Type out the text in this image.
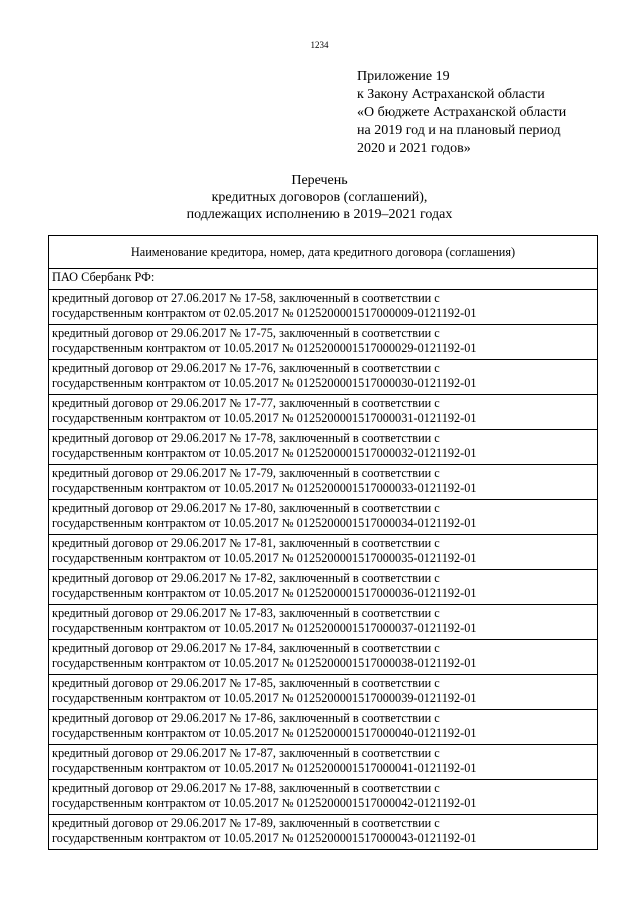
1234
Приложение 19
к Закону Астраханской области
«О бюджете Астраханской области
на 2019 год и на плановый период
2020 и 2021 годов»
Перечень
кредитных договоров (соглашений),
подлежащих исполнению в 2019–2021 годах
Наименование кредитора, номер, дата кредитного договора (соглашения)
ПАО Сбербанк РФ:

кредитный договор от 27.06.2017 № 17-58, заключенный в соответствии с
государственным контрактом от 02.05.2017 № 0125200001517000009-0121192-01

кредитный договор от 29.06.2017 № 17-75, заключенный в соответствии с
государственным контрактом от 10.05.2017 № 0125200001517000029-0121192-01

кредитный договор от 29.06.2017 № 17-76, заключенный в соответствии с
государственным контрактом от 10.05.2017 № 0125200001517000030-0121192-01

кредитный договор от 29.06.2017 № 17-77, заключенный в соответствии с
государственным контрактом от 10.05.2017 № 0125200001517000031-0121192-01

кредитный договор от 29.06.2017 № 17-78, заключенный в соответствии с
государственным контрактом от 10.05.2017 № 0125200001517000032-0121192-01

кредитный договор от 29.06.2017 № 17-79, заключенный в соответствии с
государственным контрактом от 10.05.2017 № 0125200001517000033-0121192-01

кредитный договор от 29.06.2017 № 17-80, заключенный в соответствии с
государственным контрактом от 10.05.2017 № 0125200001517000034-0121192-01

кредитный договор от 29.06.2017 № 17-81, заключенный в соответствии с
государственным контрактом от 10.05.2017 № 0125200001517000035-0121192-01

кредитный договор от 29.06.2017 № 17-82, заключенный в соответствии с
государственным контрактом от 10.05.2017 № 0125200001517000036-0121192-01

кредитный договор от 29.06.2017 № 17-83, заключенный в соответствии с
государственным контрактом от 10.05.2017 № 0125200001517000037-0121192-01

кредитный договор от 29.06.2017 № 17-84, заключенный в соответствии с
государственным контрактом от 10.05.2017 № 0125200001517000038-0121192-01

кредитный договор от 29.06.2017 № 17-85, заключенный в соответствии с
государственным контрактом от 10.05.2017 № 0125200001517000039-0121192-01

кредитный договор от 29.06.2017 № 17-86, заключенный в соответствии с
государственным контрактом от 10.05.2017 № 0125200001517000040-0121192-01

кредитный договор от 29.06.2017 № 17-87, заключенный в соответствии с
государственным контрактом от 10.05.2017 № 0125200001517000041-0121192-01

кредитный договор от 29.06.2017 № 17-88, заключенный в соответствии с
государственным контрактом от 10.05.2017 № 0125200001517000042-0121192-01

кредитный договор от 29.06.2017 № 17-89, заключенный в соответствии с
государственным контрактом от 10.05.2017 № 0125200001517000043-0121192-01
